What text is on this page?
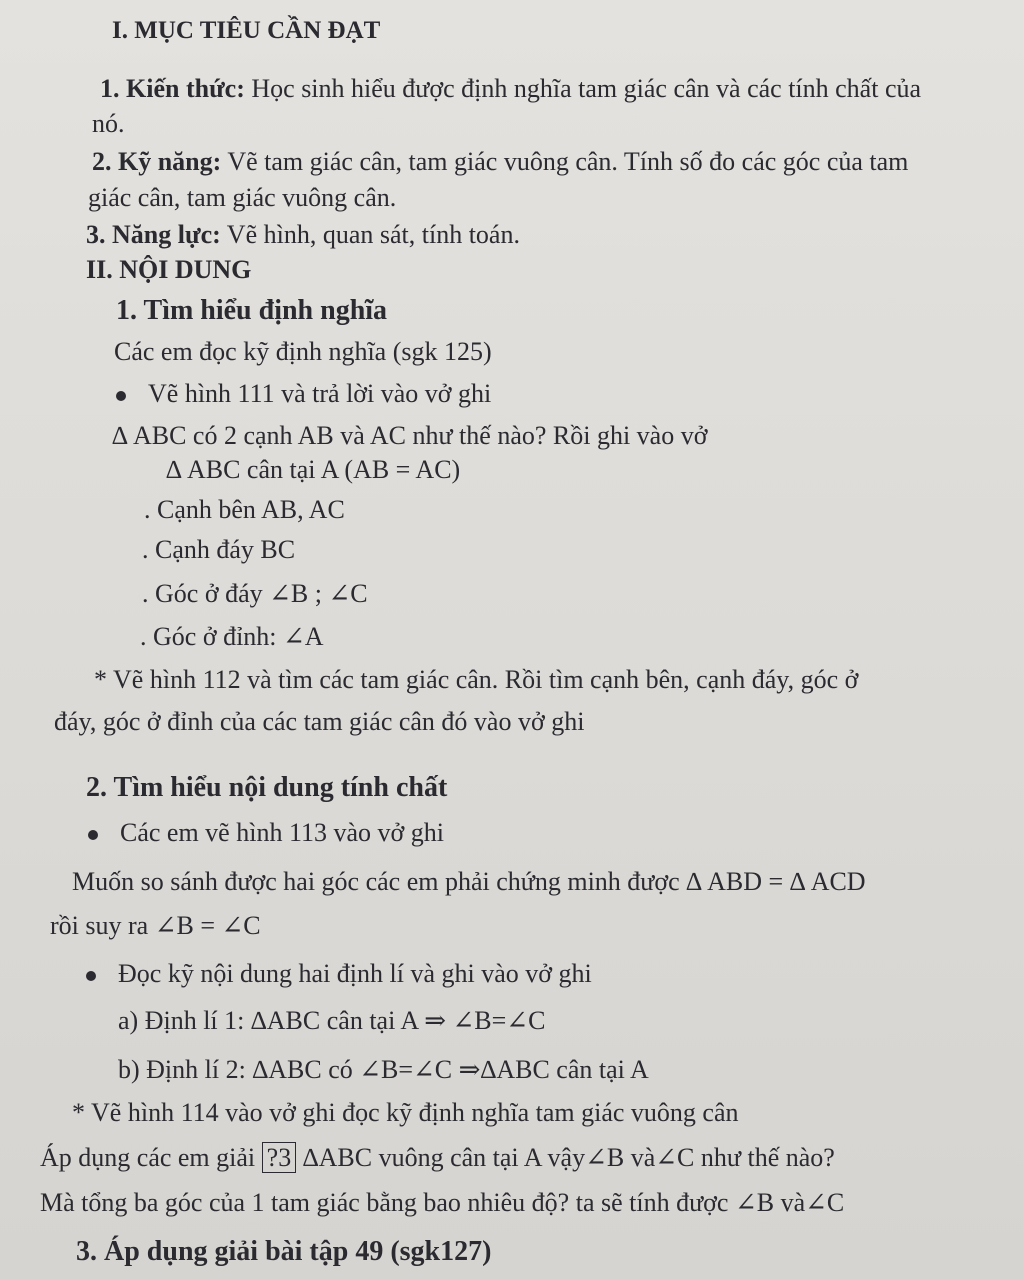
I. MỤC TIÊU CẦN ĐẠT
1. Kiến thức: Học sinh hiểu được định nghĩa tam giác cân và các tính chất của
nó.
2. Kỹ năng: Vẽ tam giác cân, tam giác vuông cân. Tính số đo các góc của tam
giác cân, tam giác vuông cân.
3. Năng lực: Vẽ hình, quan sát, tính toán.
II. NỘI DUNG
1. Tìm hiểu định nghĩa
Các em đọc kỹ định nghĩa (sgk 125)
Vẽ hình 111 và trả lời vào vở ghi
∆ ABC có 2 cạnh AB và AC như thế nào? Rồi ghi vào vở
∆ ABC cân tại A (AB = AC)
. Cạnh bên AB, AC
. Cạnh đáy BC
. Góc ở đáy ∠B ; ∠C
. Góc ở đỉnh: ∠A
* Vẽ hình 112 và tìm các tam giác cân. Rồi tìm cạnh bên, cạnh đáy, góc ở
đáy, góc ở đỉnh của các tam giác cân đó vào vở ghi
2. Tìm hiểu nội dung tính chất
Các em vẽ hình 113 vào vở ghi
Muốn so sánh được hai góc các em phải chứng minh được ∆ ABD = ∆ ACD
rồi suy ra ∠B = ∠C
Đọc kỹ nội dung hai định lí và ghi vào vở ghi
a) Định lí 1: ∆ABC cân tại A ⇒ ∠B=∠C
b) Định lí 2: ∆ABC có ∠B=∠C ⇒∆ABC cân tại A
* Vẽ hình 114 vào vở ghi đọc kỹ định nghĩa tam giác vuông cân
Áp dụng các em giải ?3 ∆ABC vuông cân tại A vậy∠B và∠C như thế nào?
Mà tổng ba góc của 1 tam giác bằng bao nhiêu độ? ta sẽ tính được ∠B và∠C
3. Áp dụng giải bài tập 49 (sgk127)
